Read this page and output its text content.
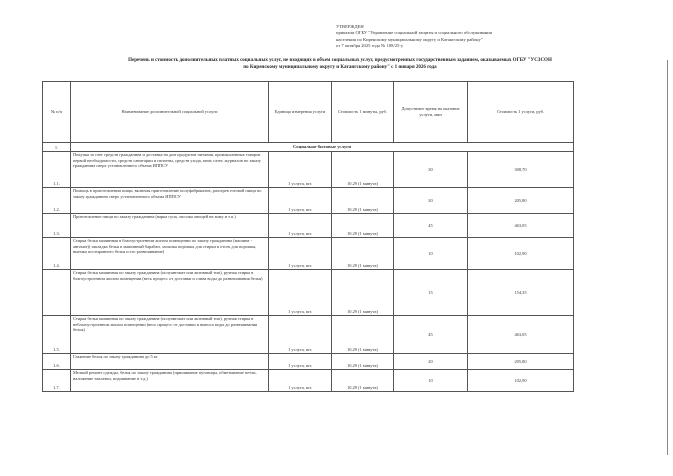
УТВЕРЖДЕН
приказом ОГБУ "Управление социальной защиты и социального обслуживания
населения по Киренскому муниципальному округу и Катангскому району"
от 7 октября 2025 года № 108/25-у
Перечень и стоимость дополнительных платных социальных услуг, не входящих в объем социальных услуг, предусмотренных государственным заданием, оказываемых ОГБУ "УСЗСОН
по Киренскому муниципальному округу и Катангскому району" с 1 января 2026 года
№ п/п	Наименование дополнительной социальной услуги	Единица измерения услуги	Стоимость 1 минуты, руб.	Допустимое время на оказание услуги, мин	Стоимость 1 услуги, руб.
1.	Социально-бытовые услуги				
1.1.	Покупка за счет средств гражданина и доставка на дом продуктов питания, промышленных товаров первой необходимости, средств санитарии и гигиены, средств ухода, книг, газет, журналов по заказу гражданина сверх установленного объема ИППСУ	1 услуга, шт.	10,29 (1 минута)	30	308,70
1.2.	Помощь в приготовлении пищи, включая приготовление полуфабрикатов, разогрев готовой пищи по заказу гражданина сверх установленного объема ИППСУ	1 услуга, шт.	10,29 (1 минута)	20	205,80
1.3.	Приготовление пищи по заказу гражданина (варка супа, засолка овощей на зиму и т.п.)	1 услуга, шт.	10,29 (1 минута)	45	463,05
1.4.	Стирка белья машинная в благоустроенном жилом помещении по заказу гражданина (машина - автомат)( закладка белья в машинный барабан, засыпка порошка для стирки в отсек для порошка, выемка постиранного белья и его развешивание)	1 услуга, шт.	10,29 (1 минута)	10	102,90
	Стирка белья машинная по заказу гражданина (полуавтомат или активный тип), ручная стирка в благоустроенном жилом помещении (весь процесс от доставки и слива воды до развешивания белья)	1 услуга, шт.	10,29 (1 минута)	15	154,35
1.5.	Стирка белья машинная по заказу гражданина (полуавтомат или активный тип), ручная стирка в неблагоустроенном жилом помещении (весь процесс от доставки и выноса воды до развешивания белья)	1 услуга, шт.	10,29 (1 минута)	45	463,05
1.6.	Глажение белья по заказу гражданина до 5 кг	1 услуга, шт.	10,29 (1 минута)	20	205,80
1.7.	Мелкий ремонт одежды, белья по заказу гражданина (пришивание пуговицы, обметывание петли, наложение заплатки, подшивание и т.д.)	1 услуга, шт.	10,29 (1 минута)	10	102,90
